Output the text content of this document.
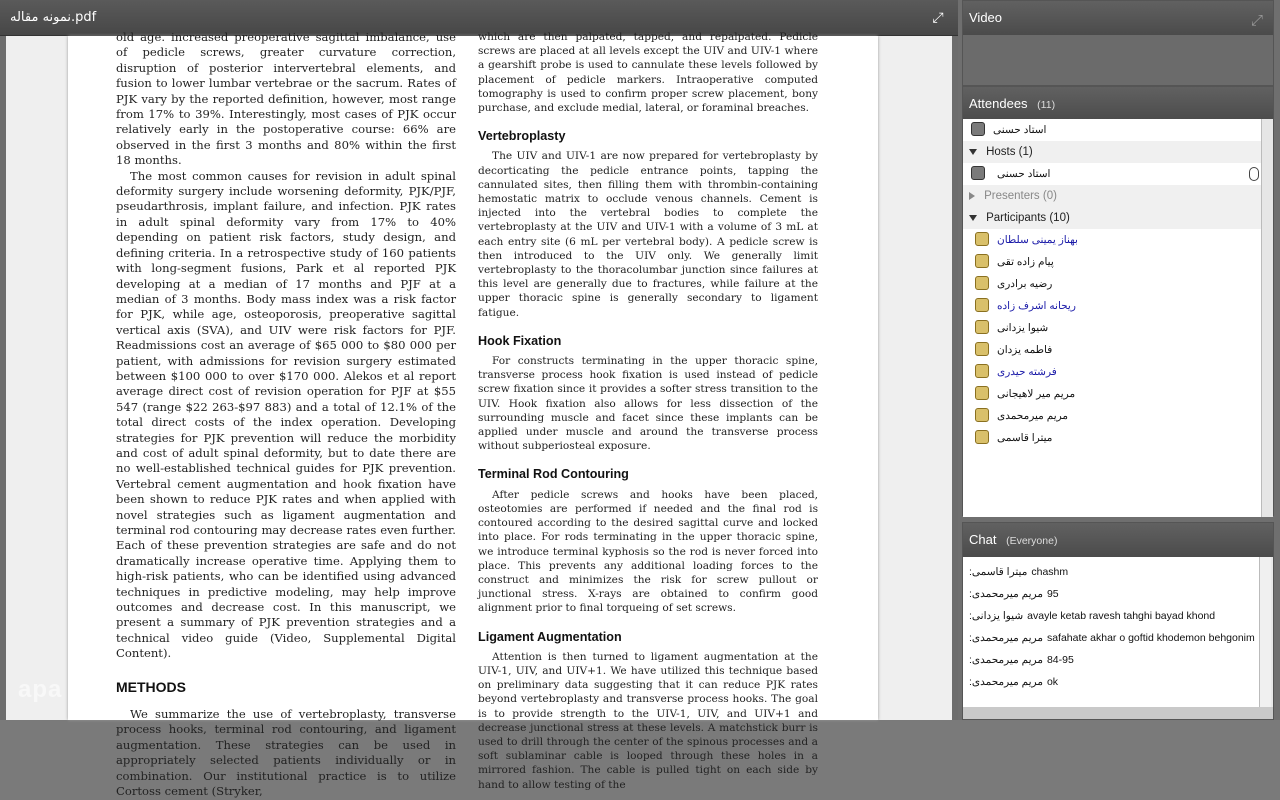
نمونه مقاله.pdf	⤢

old age. increased preoperative sagittal imbalance, use of pedicle screws, greater curvature correction, disruption of posterior intervertebral elements, and fusion to lower lumbar vertebrae or the sacrum. Rates of PJK vary by the reported definition, however, most range from 17% to 39%. Interestingly, most cases of PJK occur relatively early in the postoperative course: 66% are observed in the first 3 months and 80% within the first 18 months.

The most common causes for revision in adult spinal deformity surgery include worsening deformity, PJK/PJF, pseudarthrosis, implant failure, and infection. PJK rates in adult spinal deformity vary from 17% to 40% depending on patient risk factors, study design, and defining criteria. In a retrospective study of 160 patients with long-segment fusions, Park et al reported PJK developing at a median of 17 months and PJF at a median of 3 months. Body mass index was a risk factor for PJK, while age, osteoporosis, preoperative sagittal vertical axis (SVA), and UIV were risk factors for PJF. Readmissions cost an average of $65 000 to $80 000 per patient, with admissions for revision surgery estimated between $100 000 to over $170 000. Alekos et al report average direct cost of revision operation for PJF at $55 547 (range $22 263-$97 883) and a total of 12.1% of the total direct costs of the index operation. Developing strategies for PJK prevention will reduce the morbidity and cost of adult spinal deformity, but to date there are no well-established technical guides for PJK prevention. Vertebral cement augmentation and hook fixation have been shown to reduce PJK rates and when applied with novel strategies such as ligament augmentation and terminal rod contouring may decrease rates even further. Each of these prevention strategies are safe and do not dramatically increase operative time. Applying them to high-risk patients, who can be identified using advanced techniques in predictive modeling, may help improve outcomes and decrease cost. In this manuscript, we present a summary of PJK prevention strategies and a technical video guide (Video, Supplemental Digital Content).

METHODS

We summarize the use of vertebroplasty, transverse process hooks, terminal rod contouring, and ligament augmentation. These strategies can be used in appropriately selected patients individually or in combination. Our institutional practice is to utilize Cortoss cement (Stryker,

which are then palpated, tapped, and repalpated. Pedicle screws are placed at all levels except the UIV and UIV-1 where a gearshift probe is used to cannulate these levels followed by placement of pedicle markers. Intraoperative computed tomography is used to confirm proper screw placement, bony purchase, and exclude medial, lateral, or foraminal breaches.

Vertebroplasty

The UIV and UIV-1 are now prepared for vertebroplasty by decorticating the pedicle entrance points, tapping the cannulated sites, then filling them with thrombin-containing hemostatic matrix to occlude venous channels. Cement is injected into the vertebral bodies to complete the vertebroplasty at the UIV and UIV-1 with a volume of 3 mL at each entry site (6 mL per vertebral body). A pedicle screw is then introduced to the UIV only. We generally limit vertebroplasty to the thoracolumbar junction since failures at this level are generally due to fractures, while failure at the upper thoracic spine is generally secondary to ligament fatigue.

Hook Fixation

For constructs terminating in the upper thoracic spine, transverse process hook fixation is used instead of pedicle screw fixation since it provides a softer stress transition to the UIV. Hook fixation also allows for less dissection of the surrounding muscle and facet since these implants can be applied under muscle and around the transverse process without subperiosteal exposure.

Terminal Rod Contouring

After pedicle screws and hooks have been placed, osteotomies are performed if needed and the final rod is contoured according to the desired sagittal curve and locked into place. For rods terminating in the upper thoracic spine, we introduce terminal kyphosis so the rod is never forced into place. This prevents any additional loading forces to the construct and minimizes the risk for screw pullout or junctional stress. X-rays are obtained to confirm good alignment prior to final torqueing of set screws.

Ligament Augmentation

Attention is then turned to ligament augmentation at the UIV-1, UIV, and UIV+1. We have utilized this technique based on preliminary data suggesting that it can reduce PJK rates beyond vertebroplasty and transverse process hooks. The goal is to provide strength to the UIV-1, UIV, and UIV+1 and decrease junctional stress at these levels. A matchstick burr is used to drill through the center of the spinous processes and a soft sublaminar cable is looped through these holes in a mirrored fashion. The cable is pulled tight on each side by hand to allow testing of the

apa
Video	⤢
Attendees (11)
استاد حسنی
Hosts (1)
استاد حسنی
Presenters (0)
Participants (10)
بهناز یمینی سلطان
پیام زاده تقی
رضیه برادری
ریحانه اشرف زاده
شیوا یزدانی
فاطمه یزدان
فرشته حیدری
مریم میر لاهیجانی
مریم میرمحمدی
میترا قاسمی
Chat (Everyone)
میترا قاسمی: chashm
مریم میرمحمدی: 95
شیوا یزدانی: avayle ketab ravesh tahghi bayad khond
مریم میرمحمدی: safahate akhar o goftid khodemon behgonim
مریم میرمحمدی: 84-95
مریم میرمحمدی: ok
